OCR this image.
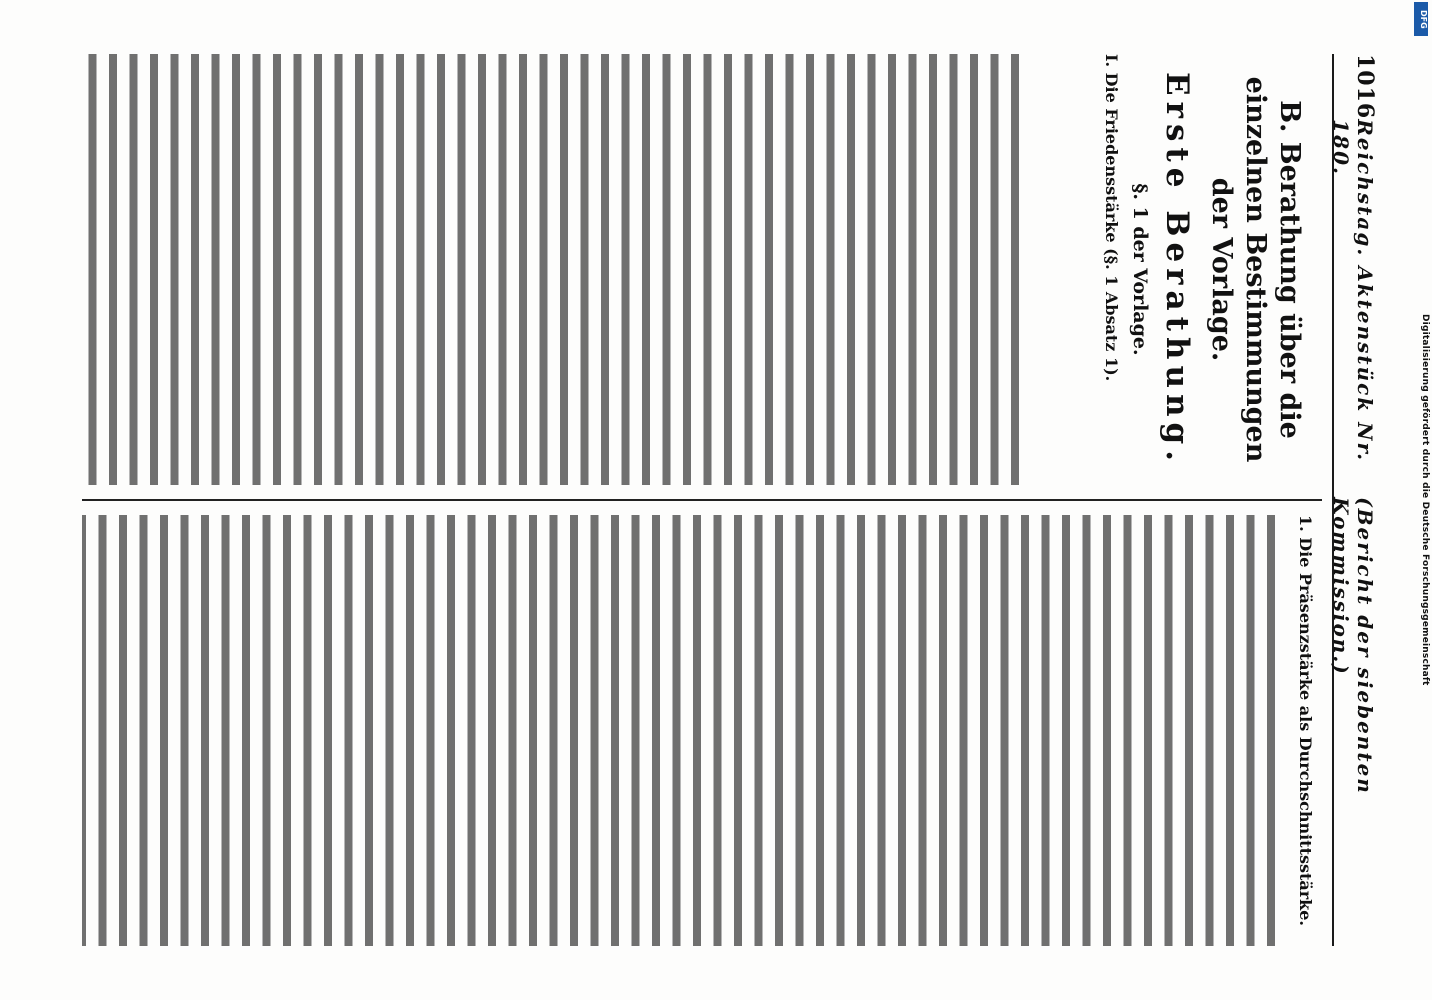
1016
Reichstag. Aktenstück Nr. 180.
(Bericht der siebenten Kommission.)
B. Berathung über die einzelnen Bestimmungen der Vorlage.
Erste Berathung.
§. 1 der Vorlage.
I. Die Friedensstärke (§. 1 Absatz 1).
1. Die Präsenzstärke als Durchschnittsstärke.
DFG
Digitalisierung gefördert durch die Deutsche Forschungsgemeinschaft
